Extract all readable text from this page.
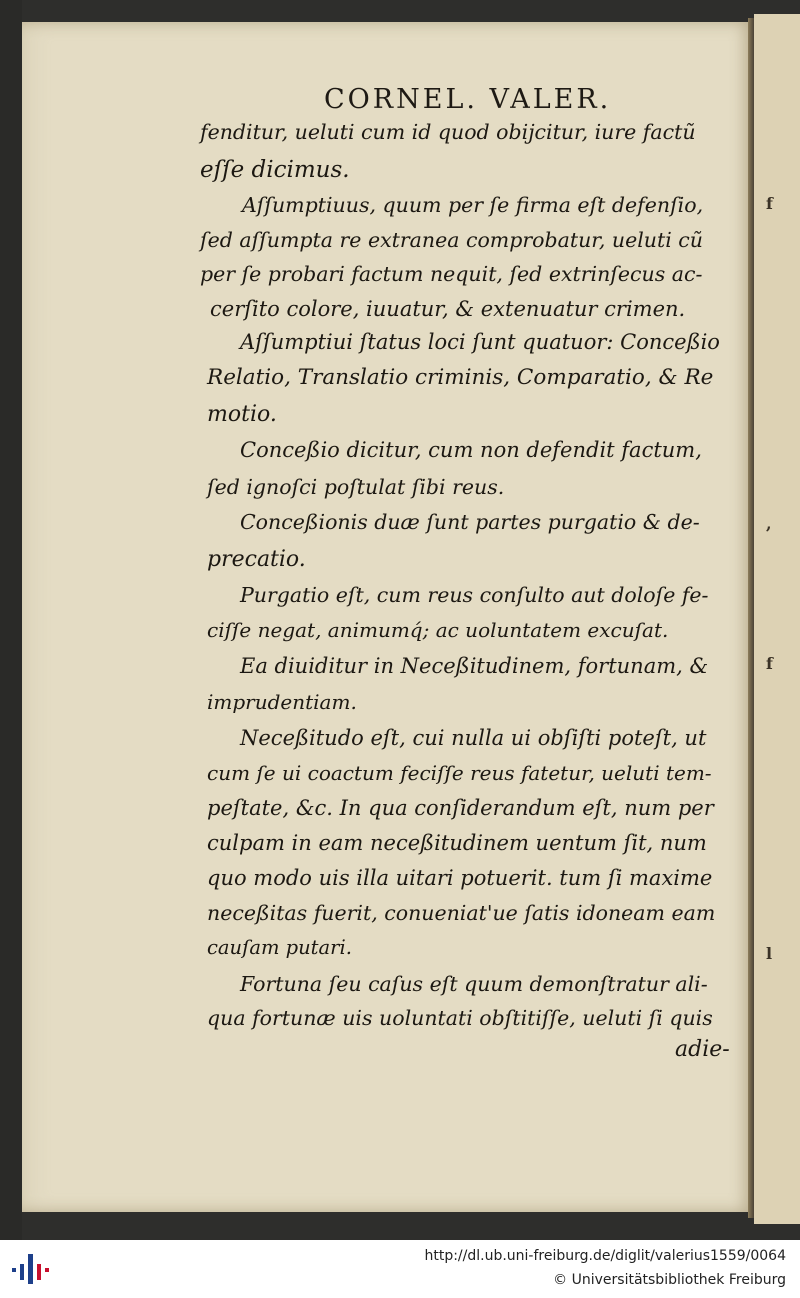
CORNEL. VALER.
fenditur, ueluti cum id quod obijcitur, iure factũ
eſſe dicimus.
Aſſumptiuus, quum per ſe firma eſt defenſio,
ſed aſſumpta re extranea comprobatur, ueluti cũ
per ſe probari factum nequit, ſed extrinſecus ac-
cerſito colore, iuuatur, & extenuatur crimen.
Aſſumptiui ſtatus loci ſunt quatuor: Conceßio
Relatio, Translatio criminis, Comparatio, & Re
motio.
Conceßio dicitur, cum non defendit factum,
ſed ignoſci poſtulat ſibi reus.
Conceßionis duæ ſunt partes purgatio & de-
precatio.
Purgatio eſt, cum reus conſulto aut doloſe fe-
ciſſe negat, animumq́; ac uoluntatem excuſat.
Ea diuiditur in Neceßitudinem, fortunam, &
imprudentiam.
Neceßitudo eſt, cui nulla ui obſiſti poteſt, ut
cum ſe ui coactum feciſſe reus fatetur, ueluti tem-
peſtate, &c. In qua conſiderandum eſt, num per
culpam in eam neceßitudinem uentum ſit, num
quo modo uis illa uitari potuerit. tum ſi maxime
neceßitas fuerit, conueniat'ue ſatis idoneam eam
cauſam putari.
Fortuna ſeu caſus eſt quum demonſtratur ali-
qua fortunæ uis uoluntati obſtitiſſe, ueluti ſi quis
adie-
f
,
f
l
http://dl.ub.uni-freiburg.de/diglit/valerius1559/0064
© Universitätsbibliothek Freiburg
